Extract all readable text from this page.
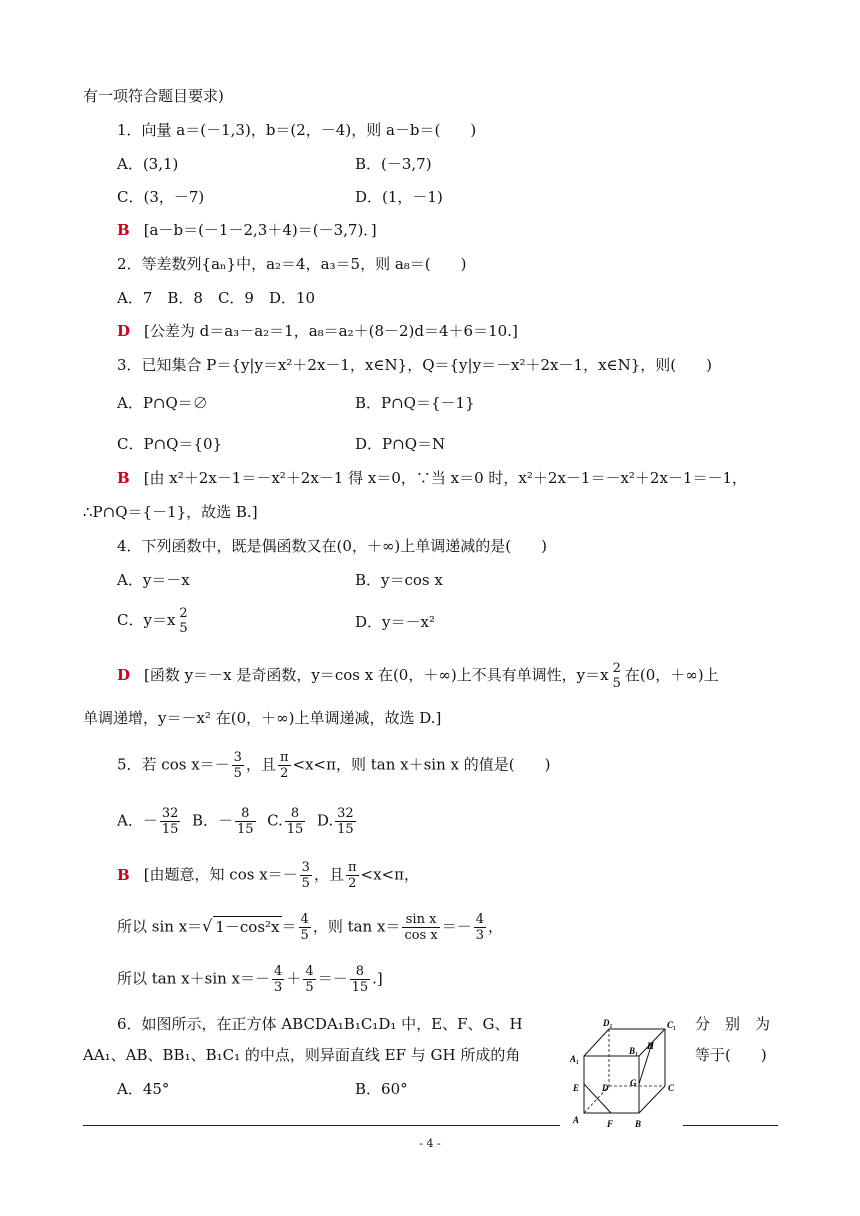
有一项符合题目要求)
1．向量 a＝(－1,3)，b＝(2，－4)，则 a－b＝(　　)
A．(3,1)	B．(－3,7)
C．(3，－7)	D．(1，－1)
B [a－b＝(－1－2,3＋4)＝(－3,7)．]
2．等差数列{aₙ}中，a₂＝4，a₃＝5，则 a₈＝(　　)
A．7　B．8　C．9　D．10
D [公差为 d＝a₃－a₂＝1，a₈＝a₂＋(8－2)d＝4＋6＝10.]
3．已知集合 P＝{y|y＝x²＋2x－1，x∈N}，Q＝{y|y＝－x²＋2x－1，x∈N}，则(　　)
A．P∩Q＝∅	B．P∩Q＝{－1}
C．P∩Q＝{0}	D．P∩Q＝N
B [由 x²＋2x－1＝－x²＋2x－1 得 x＝0，∵当 x＝0 时，x²＋2x－1＝－x²＋2x－1＝－1，
∴P∩Q＝{－1}，故选 B.]
4．下列函数中，既是偶函数又在(0，＋∞)上单调递减的是(　　)
A．y＝－x	B．y＝cos x
C．y＝x 2
5	D．y＝－x²
D [函数 y＝－x 是奇函数，y＝cos x 在(0，＋∞)上不具有单调性，y＝x 2
5 在(0，＋∞)上
单调递增，y＝－x² 在(0，＋∞)上单调递减，故选 D.]
5．若 $\cos x=- \frac{3}{5}$ ，且 $\frac{\pi}{2} <x<\pi$，则 tan x＋sin x 的值是(　　)
A．－ $\frac{32}{15}$ B．－ $\frac{8}{15} C$. $\frac{8}{15} D$. $\frac{32}{15}$
B [由题意，知 $\cos x=- \frac{3}{5}$ ，且 $\frac{\pi}{2} <x<\pi$，
所以 sin x＝√ $1-\cos^2x = \frac{4}{5}$ ，则 $\tan x= \frac{\text{sin x}}{\text{cos x}} =- \frac{4}{3}$ ，
所以 tan x＋sin $x=- \frac{4}{3} + \frac{4}{5} =- \frac{8}{15}$ .]
6．如图所示，在正方体 ABCDA₁B₁C₁D₁ 中，E、F、G、H	分　别　为
AA₁、AB、BB₁、B₁C₁ 的中点，则异面直线 EF 与 GH 所成的角	等于(　　)
A．45°	B．60°
D₁	C₁
A₁
B₁ H
D G	C
E
A	F B
- 4 -
